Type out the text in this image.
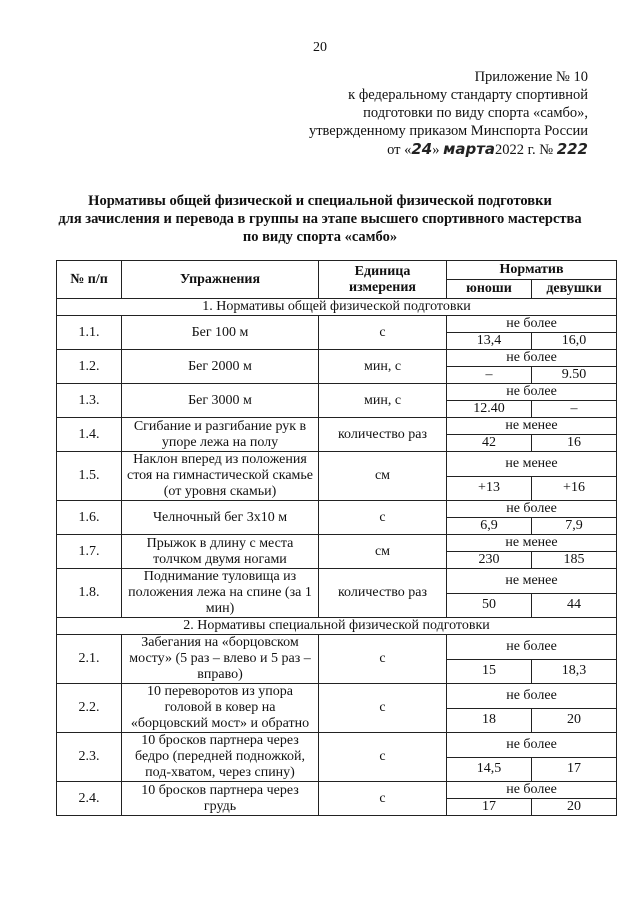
20
Приложение № 10
к федеральному стандарту спортивной
подготовки по виду спорта «самбо»,
утвержденному приказом Минспорта России
от «24» марта2022 г. № 222
Нормативы общей физической и специальной физической подготовки
для зачисления и перевода в группы на этапе высшего спортивного мастерства
по виду спорта «самбо»
№ п/п	Упражнения	Единица измерения	Норматив	
			юноши	девушки
1. Нормативы общей физической подготовки				
1.1.	Бег 100 м	с	не более	
			13,4	16,0
1.2.	Бег 2000 м	мин, с	не более	
			–	9.50
1.3.	Бег 3000 м	мин, с	не более	
			12.40	–
1.4.	Сгибание и разгибание рук в упоре лежа на полу	количество раз	не менее	
			42	16
1.5.	Наклон вперед из положения стоя на гимнастической скамье (от уровня скамьи)	см	не менее	
			+13	+16
1.6.	Челночный бег 3х10 м	с	не более	
			6,9	7,9
1.7.	Прыжок в длину с места толчком двумя ногами	см	не менее	
			230	185
1.8.	Поднимание туловища из положения лежа на спине (за 1 мин)	количество раз	не менее	
			50	44
2. Нормативы специальной физической подготовки				
2.1.	Забегания на «борцовском мосту» (5 раз – влево и 5 раз – вправо)	с	не более	
			15	18,3
2.2.	10 переворотов из упора головой в ковер на «борцовский мост» и обратно	с	не более	
			18	20
2.3.	10 бросков партнера через бедро (передней подножкой, под-хватом, через спину)	с	не более	
			14,5	17
2.4.	10 бросков партнера через грудь	с	не более	
			17	20
